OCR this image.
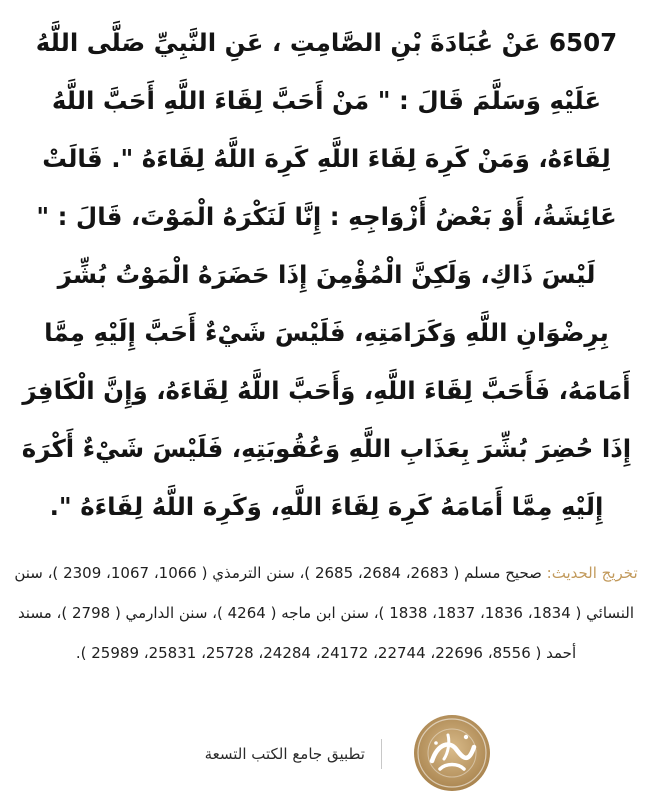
6507 عَنْ عُبَادَةَ بْنِ الصَّامِتِ ، عَنِ النَّبِيِّ صَلَّى اللَّهُ عَلَيْهِ وَسَلَّمَ قَالَ : " مَنْ أَحَبَّ لِقَاءَ اللَّهِ أَحَبَّ اللَّهُ لِقَاءَهُ، وَمَنْ كَرِهَ لِقَاءَ اللَّهِ كَرِهَ اللَّهُ لِقَاءَهُ ". قَالَتْ عَائِشَةُ، أَوْ بَعْضُ أَزْوَاجِهِ : إِنَّا لَنَكْرَهُ الْمَوْتَ، قَالَ : " لَيْسَ ذَاكِ، وَلَكِنَّ الْمُؤْمِنَ إِذَا حَضَرَهُ الْمَوْتُ بُشِّرَ بِرِضْوَانِ اللَّهِ وَكَرَامَتِهِ، فَلَيْسَ شَيْءٌ أَحَبَّ إِلَيْهِ مِمَّا أَمَامَهُ، فَأَحَبَّ لِقَاءَ اللَّهِ، وَأَحَبَّ اللَّهُ لِقَاءَهُ، وَإِنَّ الْكَافِرَ إِذَا حُضِرَ بُشِّرَ بِعَذَابِ اللَّهِ وَعُقُوبَتِهِ، فَلَيْسَ شَيْءٌ أَكْرَهَ إِلَيْهِ مِمَّا أَمَامَهُ كَرِهَ لِقَاءَ اللَّهِ، وَكَرِهَ اللَّهُ لِقَاءَهُ ".

تخريج الحديث: صحيح مسلم ( 2683، 2684، 2685 )، سنن الترمذي ( 1066، 1067، 2309 )، سنن النسائي ( 1834، 1836، 1837، 1838 )، سنن ابن ماجه ( 4264 )، سنن الدارمي ( 2798 )، مسند أحمد ( 8556، 22696، 22744، 24172، 24284، 25728، 25831، 25989 ).

تطبيق جامع الكتب التسعة
